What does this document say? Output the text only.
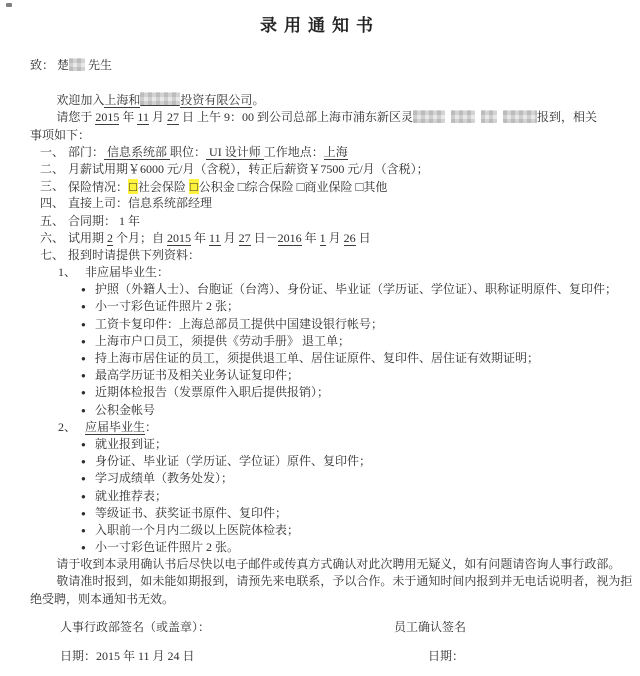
录用通知书
致： 楚 先生
欢迎加入上海和	投资有限公司。
请您于 2015 年 11 月 27 日 上午 9：00 到公司总部上海市浦东新区灵	报到，相关
事项如下：
一、 部门： 信息系统部 职位： UI 设计师 工作地点：上海
二、 月薪试用期￥6000 元/月（含税），转正后薪资￥7500 元/月（含税）；
三、 保险情况：□社会保险 □公积金 □综合保险 □商业保险 □其他
四、 直接上司：信息系统部经理
五、 合同期： 1 年
六、 试用期 2 个月；自 2015 年 11 月 27 日－2016 年 1 月 26 日
七、 报到时请提供下列资料：
1、 非应届毕业生：
● 护照（外籍人士）、台胞证（台湾）、身份证、毕业证（学历证、学位证）、职称证明原件、复印件；
● 小一寸彩色证件照片 2 张；
● 工资卡复印件：上海总部员工提供中国建设银行帐号；
● 上海市户口员工，须提供《劳动手册》 退工单；
● 持上海市居住证的员工，须提供退工单、居住证原件、复印件、居住证有效期证明；
● 最高学历证书及相关业务认证复印件；
● 近期体检报告（发票原件入职后提供报销）；
● 公积金帐号
2、 应届毕业生：
● 就业报到证；
● 身份证、毕业证（学历证、学位证）原件、复印件；
● 学习成绩单（教务处发）；
● 就业推荐表；
● 等级证书、获奖证书原件、复印件；
● 入职前一个月内二级以上医院体检表；
● 小一寸彩色证件照片 2 张。
请于收到本录用确认书后尽快以电子邮件或传真方式确认对此次聘用无疑义，如有问题请咨询人事行政部。
敬请准时报到，如未能如期报到，请预先来电联系，予以合作。未于通知时间内报到并无电话说明者，视为拒
绝受聘，则本通知书无效。
人事行政部签名（或盖章）：	员工确认签名
日期：2015 年 11 月 24 日	日期：
